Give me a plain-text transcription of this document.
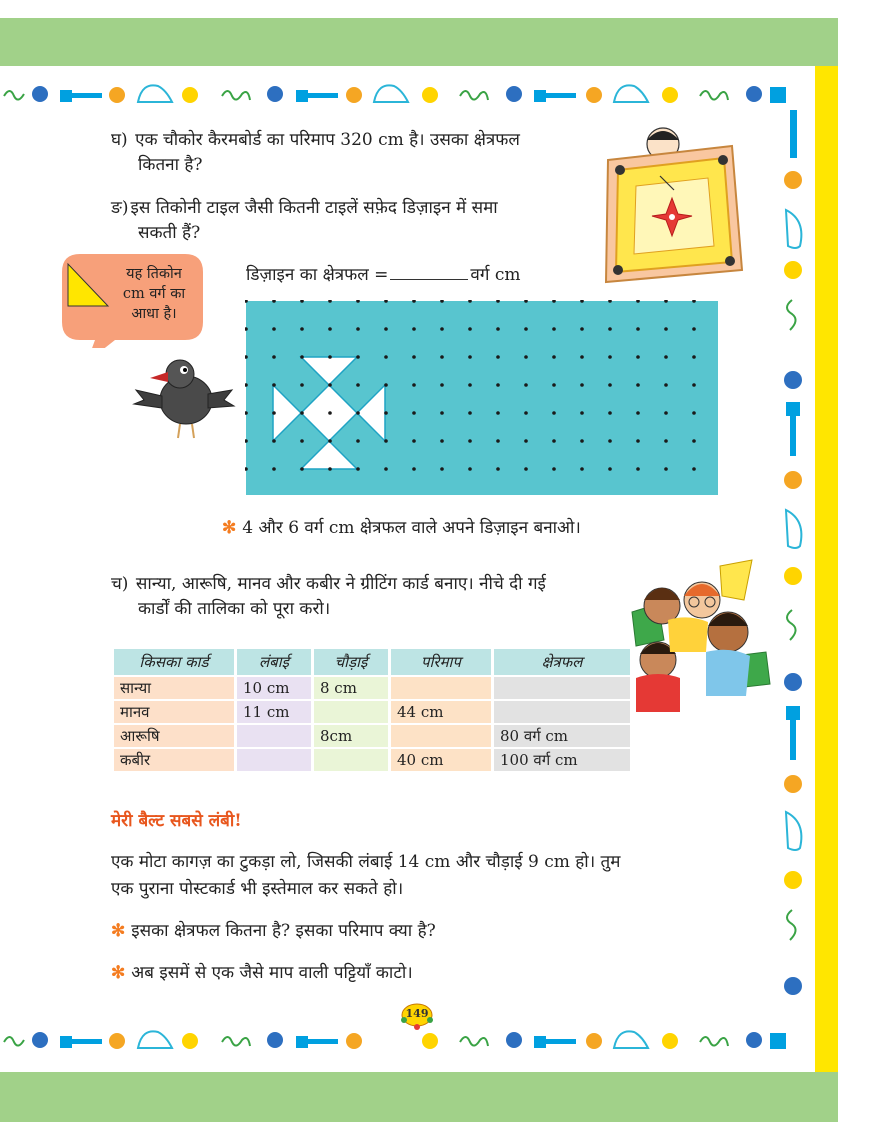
घ) एक चौकोर कैरमबोर्ड का परिमाप 320 cm है। उसका क्षेत्रफल
कितना है?
ङ) इस तिकोनी टाइल जैसी कितनी टाइलें सफ़ेद डिज़ाइन में समा
सकती हैं?
यह तिकोन
cm वर्ग का
आधा है।
डिज़ाइन का क्षेत्रफल =	वर्ग cm
✻ 4 और 6 वर्ग cm क्षेत्रफल वाले अपने डिज़ाइन बनाओ।
च) सान्या, आरूषि, मानव और कबीर ने ग्रीटिंग कार्ड बनाए। नीचे दी गई
कार्डों की तालिका को पूरा करो।
किसका कार्ड	लंबाई	चौड़ाई	परिमाप	क्षेत्रफल
सान्या	10 cm	8 cm		
मानव	11 cm		44 cm	
आरूषि		8cm		80 वर्ग cm
कबीर			40 cm	100 वर्ग cm
मेरी बैल्ट सबसे लंबी!
एक मोटा कागज़ का टुकड़ा लो, जिसकी लंबाई 14 cm और चौड़ाई 9 cm हो। तुम
एक पुराना पोस्टकार्ड भी इस्तेमाल कर सकते हो।
✻ इसका क्षेत्रफल कितना है? इसका परिमाप क्या है?
✻ अब इसमें से एक जैसे माप वाली पट्टियाँ काटो।
149
